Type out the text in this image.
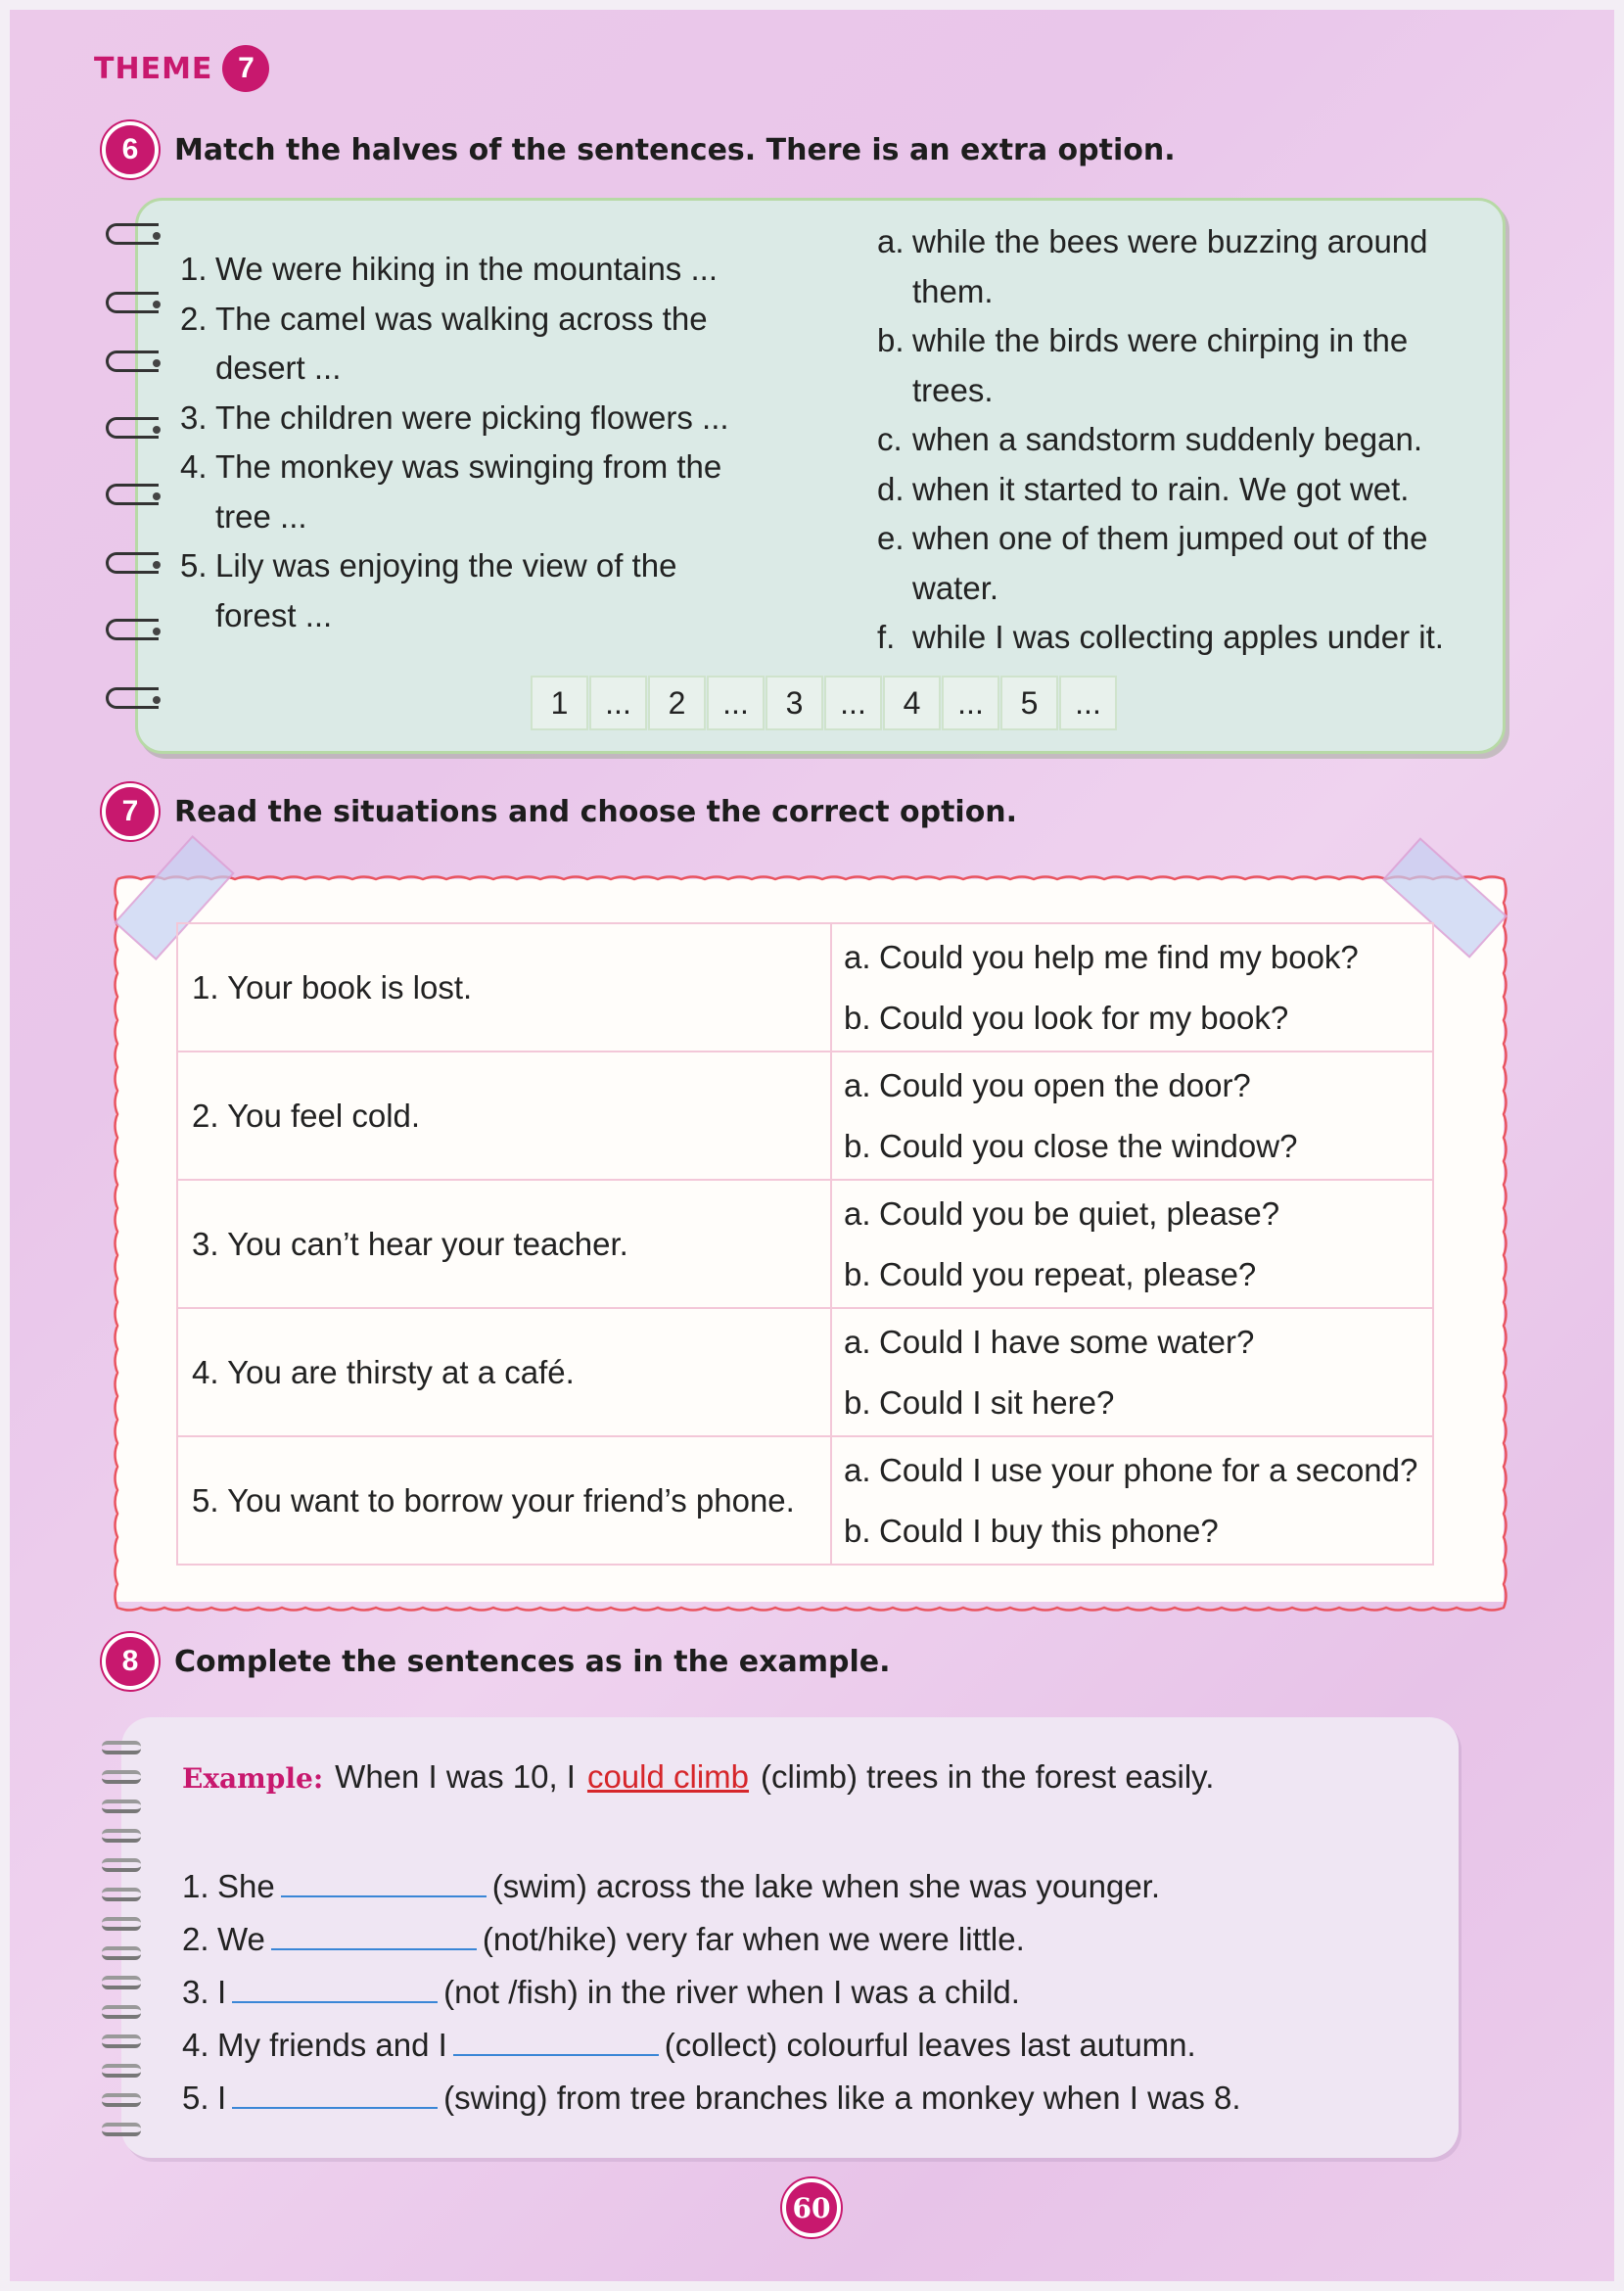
THEME 7
6	Match the halves of the sentences. There is an extra option.
1. We were hiking in the mountains ...
2. The camel was walking across the
desert ...
3. The children were picking flowers ...
4. The monkey was swinging from the
tree ...
5. Lily was enjoying the view of the
forest ...
a. while the bees were buzzing around
them.
b. while the birds were chirping in the
trees.
c. when a sandstorm suddenly began.
d. when it started to rain. We got wet.
e. when one of them jumped out of the
water.
f. while I was collecting apples under it.
1	...	2	...	3	...	4	...	5	...
7	Read the situations and choose the correct option.
1. Your book is lost.	a. Could you help me find my book?
b. Could you look for my book?

2. You feel cold.	a. Could you open the door?
b. Could you close the window?

3. You can’t hear your teacher.	a. Could you be quiet, please?
b. Could you repeat, please?

4. You are thirsty at a café.	a. Could I have some water?
b. Could I sit here?

5. You want to borrow your friend’s phone.	a. Could I use your phone for a second?
b. Could I buy this phone?
8	Complete the sentences as in the example.
Example: When I was 10, I could climb (climb) trees in the forest easily.
1. She	(swim) across the lake when she was younger.
2. We	(not/hike) very far when we were little.
3. I	(not /fish) in the river when I was a child.
4. My friends and I	(collect) colourful leaves last autumn.
5. I	(swing) from tree branches like a monkey when I was 8.
60
